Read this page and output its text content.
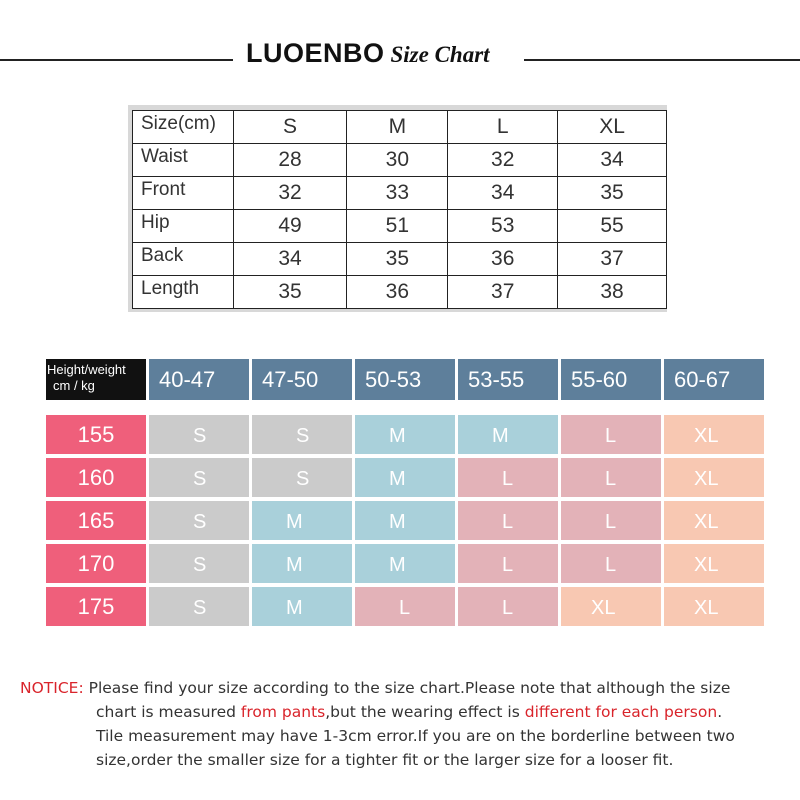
LUOENBO Size Chart
Size(cm)	S	M	L	XL
Waist	28	30	32	34
Front	32	33	34	35
Hip	49	51	53	55
Back	34	35	36	37
Length	35	36	37	38
Height/weight
cm / kg	40-47	47-50	50-53	53-55	55-60	60-67
155	S	S	M	M	L	XL
160	S	S	M	L	L	XL
165	S	M	M	L	L	XL
170	S	M	M	L	L	XL
175	S	M	L	L	XL	XL
NOTICE: Please find your size according to the size chart.Please note that although the size
chart is measured from pants,but the wearing effect is different for each person.
Tile measurement may have 1-3cm error.If you are on the borderline between two
size,order the smaller size for a tighter fit or the larger size for a looser fit.
